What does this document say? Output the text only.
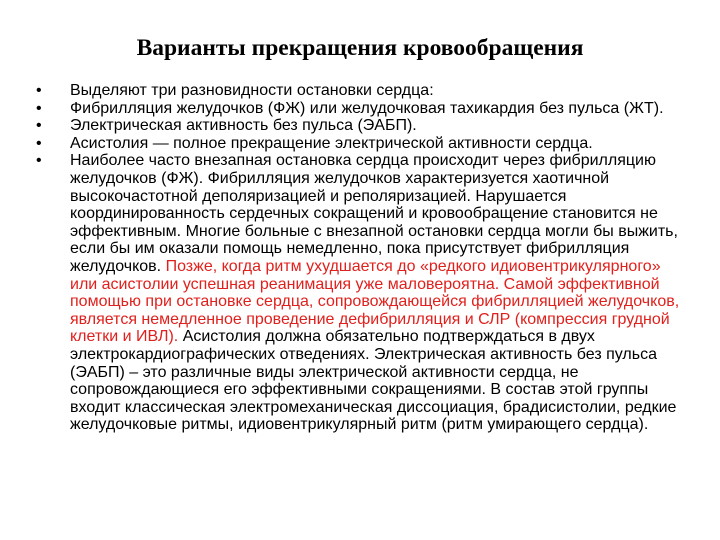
Варианты прекращения кровообращения
•	Выделяют три разновидности остановки сердца:
•	Фибрилляция желудочков (ФЖ) или желудочковая тахикардия без пульса (ЖТ).
•	Электрическая активность без пульса (ЭАБП).
•	Асистолия — полное прекращение электрической активности сердца.
•	Наиболее часто внезапная остановка сердца происходит через фибрилляцию желудочков (ФЖ). Фибрилляция желудочков характеризуется хаотичной высокочастотной деполяризацией и реполяризацией. Нарушается координированность сердечных сокращений и кровообращение становится не эффективным. Многие больные с внезапной остановки сердца могли бы выжить, если бы им оказали помощь немедленно, пока присутствует фибрилляция желудочков. Позже, когда ритм ухудшается до «редкого идиовентрикулярного» или асистолии успешная реанимация уже маловероятна. Самой эффективной помощью при остановке сердца, сопровождающейся фибрилляцией желудочков, является немедленное проведение дефибрилляция и СЛР (компрессия грудной клетки и ИВЛ). Асистолия должна обязательно подтверждаться в двух электрокардиографических отведениях. Электрическая активность без пульса (ЭАБП) – это различные виды электрической активности сердца, не сопровождающиеся его эффективными сокращениями. В состав этой группы входит классическая электромеханическая диссоциация, брадисистолии, редкие желудочковые ритмы, идиовентрикулярный ритм (ритм умирающего сердца).
